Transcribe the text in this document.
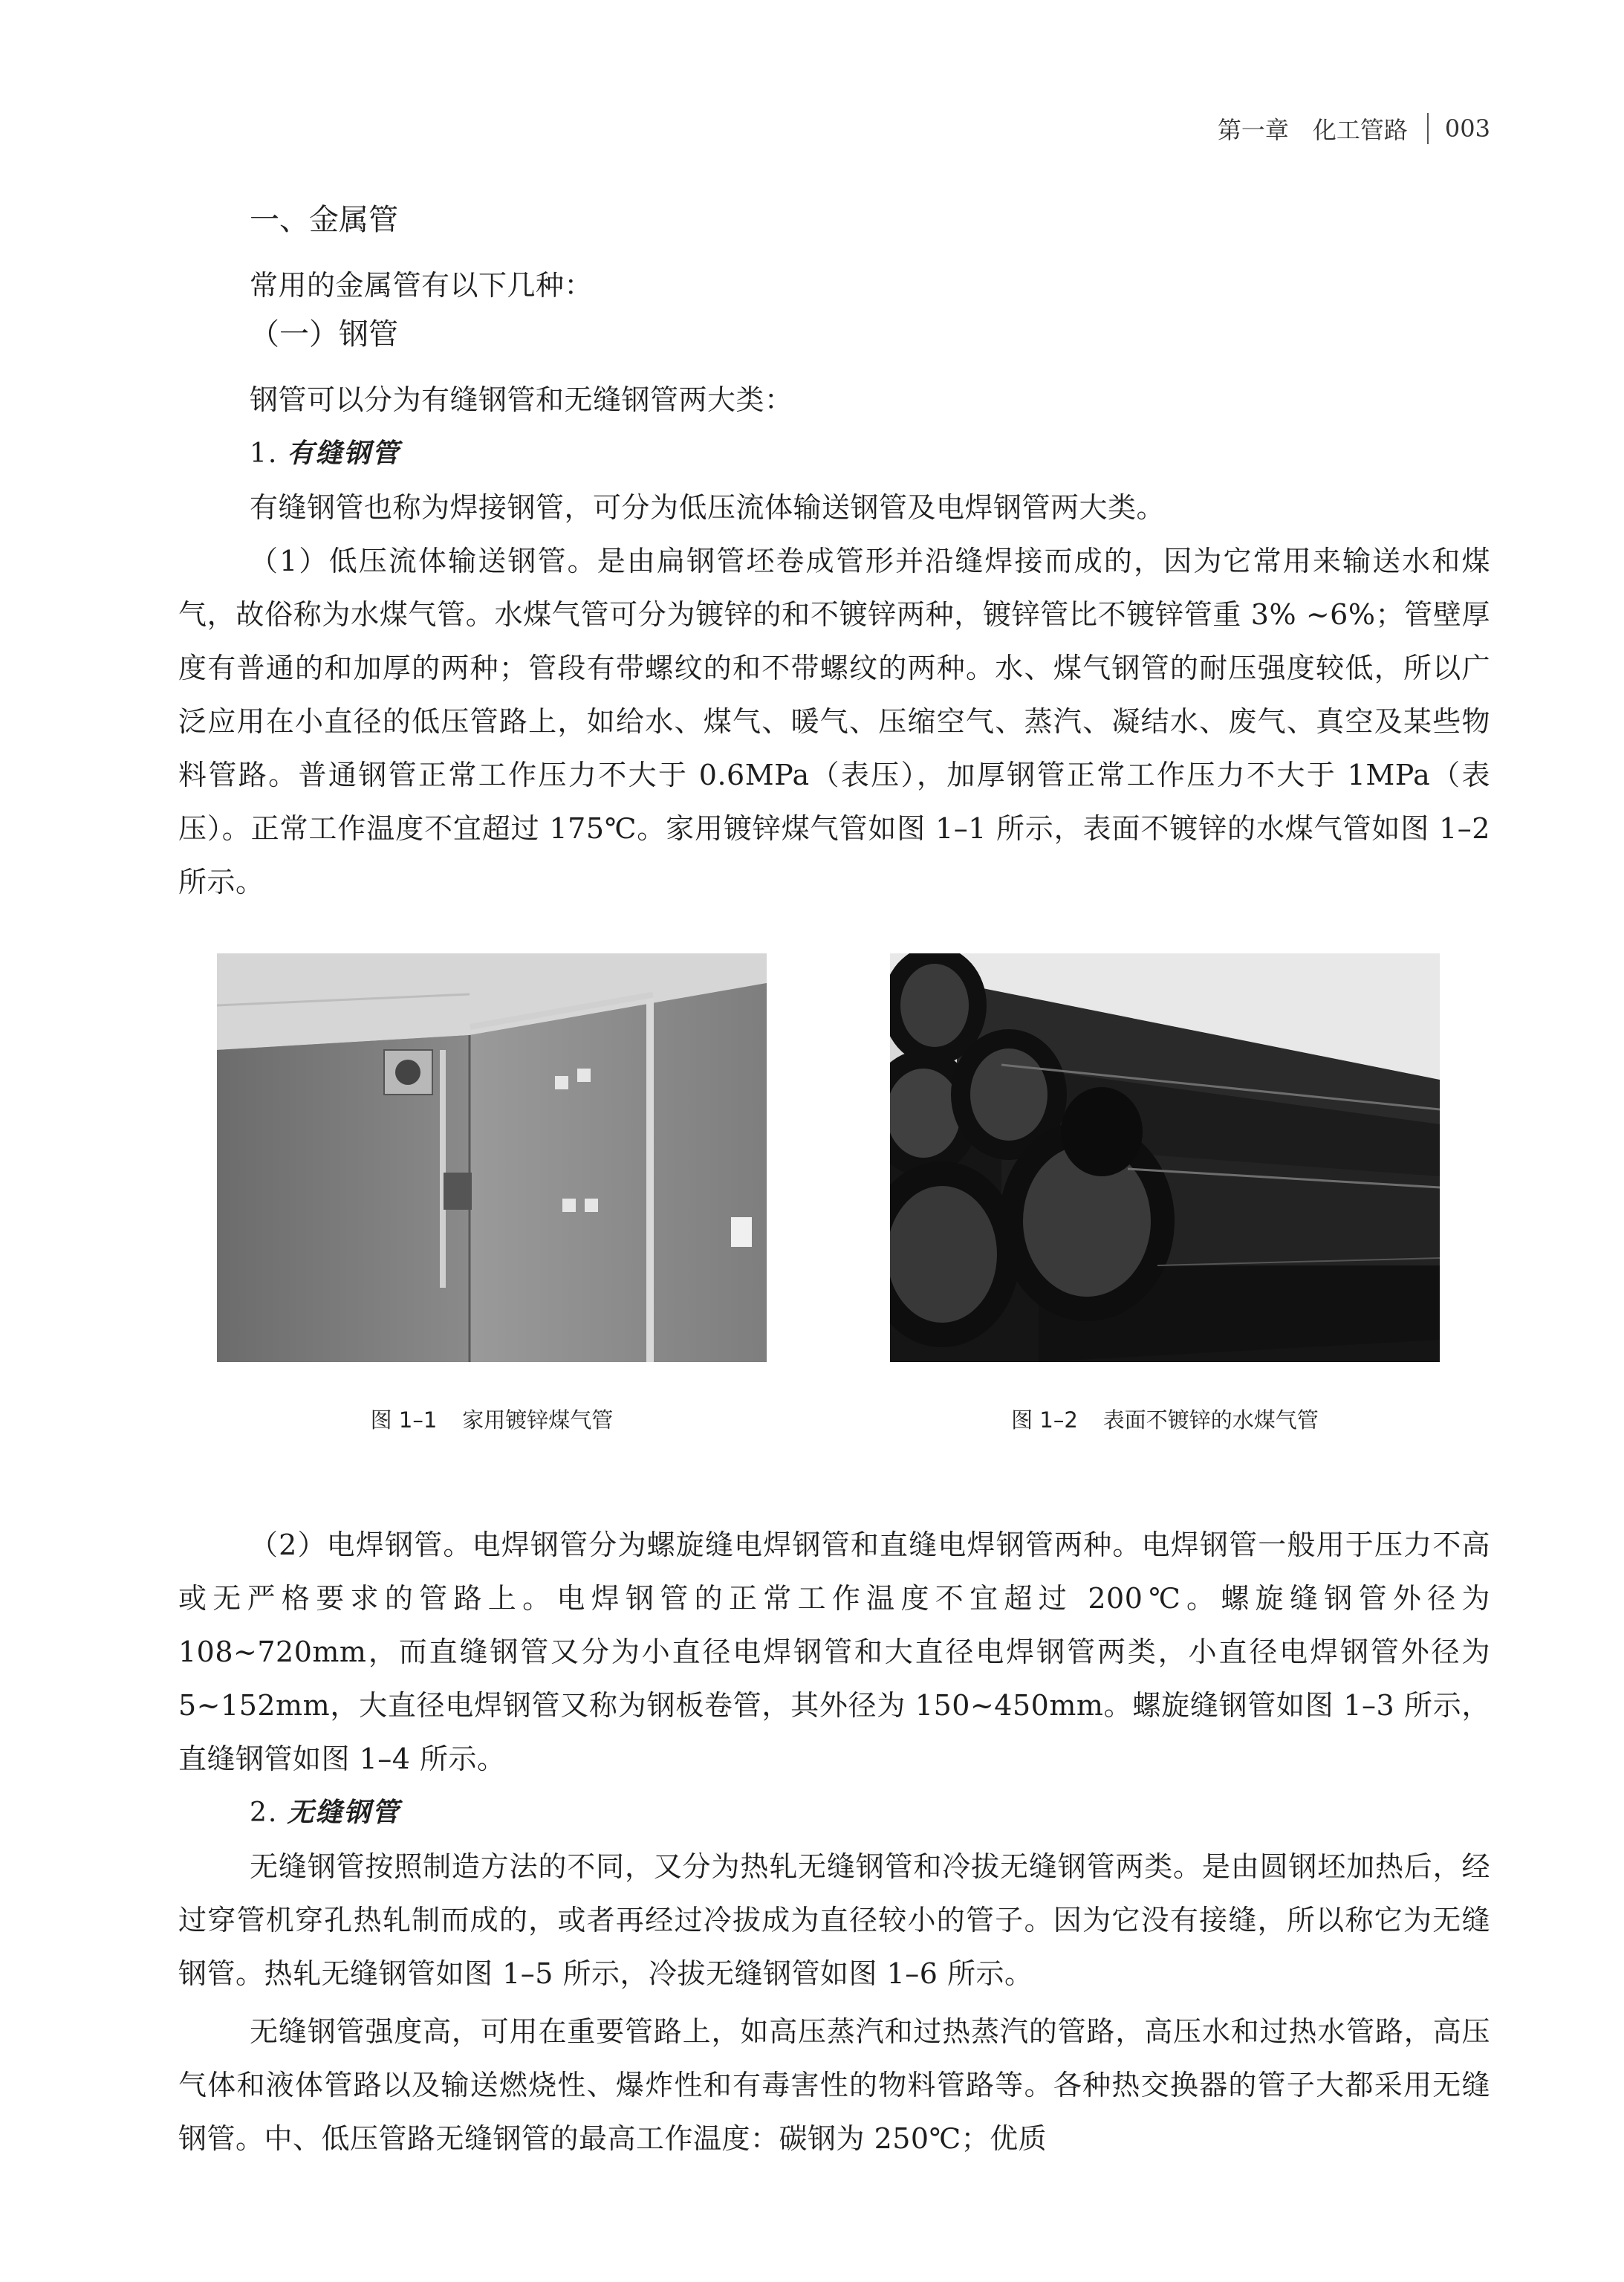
第一章　化工管路 003
一、金属管

常用的金属管有以下几种：

（一）钢管

钢管可以分为有缝钢管和无缝钢管两大类：

1. 有缝钢管

有缝钢管也称为焊接钢管，可分为低压流体输送钢管及电焊钢管两大类。

（1）低压流体输送钢管。是由扁钢管坯卷成管形并沿缝焊接而成的，因为它常用来输送水和煤气，故俗称为水煤气管。水煤气管可分为镀锌的和不镀锌两种，镀锌管比不镀锌管重 3% ~6%；管壁厚度有普通的和加厚的两种；管段有带螺纹的和不带螺纹的两种。水、煤气钢管的耐压强度较低，所以广泛应用在小直径的低压管路上，如给水、煤气、暖气、压缩空气、蒸汽、凝结水、废气、真空及某些物料管路。普通钢管正常工作压力不大于 0.6MPa（表压），加厚钢管正常工作压力不大于 1MPa（表压）。正常工作温度不宜超过 175℃。家用镀锌煤气管如图 1–1 所示，表面不镀锌的水煤气管如图 1–2 所示。

图 1–1 家用镀锌煤气管	图 1–2 表面不镀锌的水煤气管

（2）电焊钢管。电焊钢管分为螺旋缝电焊钢管和直缝电焊钢管两种。电焊钢管一般用于压力不高或无严格要求的管路上。电焊钢管的正常工作温度不宜超过 200℃。螺旋缝钢管外径为 108~720mm，而直缝钢管又分为小直径电焊钢管和大直径电焊钢管两类，小直径电焊钢管外径为 5~152mm，大直径电焊钢管又称为钢板卷管，其外径为 150~450mm。螺旋缝钢管如图 1–3 所示，直缝钢管如图 1–4 所示。

2. 无缝钢管

无缝钢管按照制造方法的不同，又分为热轧无缝钢管和冷拔无缝钢管两类。是由圆钢坯加热后，经过穿管机穿孔热轧制而成的，或者再经过冷拔成为直径较小的管子。因为它没有接缝，所以称它为无缝钢管。热轧无缝钢管如图 1–5 所示，冷拔无缝钢管如图 1–6 所示。

无缝钢管强度高，可用在重要管路上，如高压蒸汽和过热蒸汽的管路，高压水和过热水管路，高压气体和液体管路以及输送燃烧性、爆炸性和有毒害性的物料管路等。各种热交换器的管子大都采用无缝钢管。中、低压管路无缝钢管的最高工作温度：碳钢为 250℃；优质
